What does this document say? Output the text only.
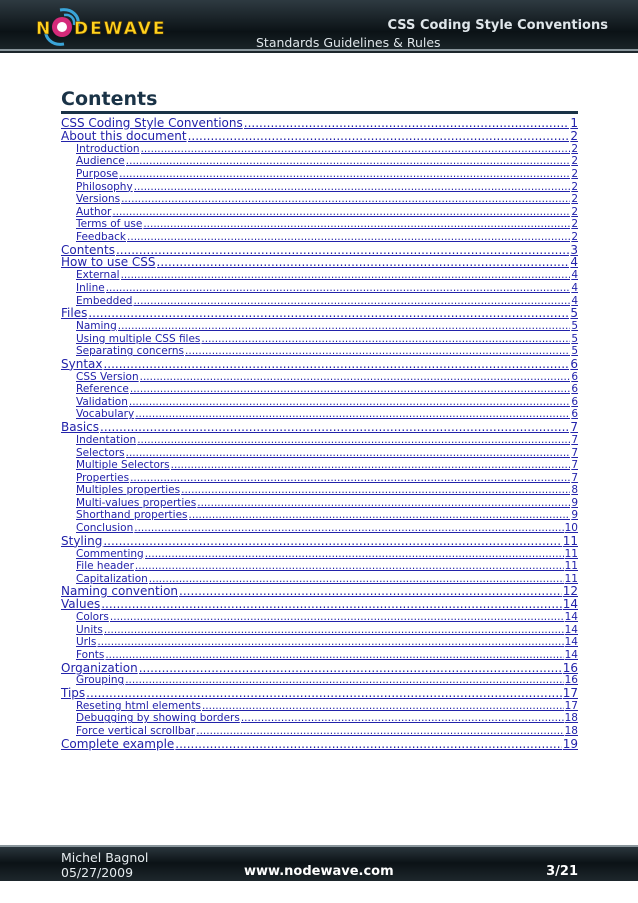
N DEWAVE	CSS Coding Style Conventions
Standards Guidelines & Rules
Contents
CSS Coding Style Conventions .....	1
About this document .....	2
Introduction .....	2
Audience .....	2
Purpose .....	2
Philosophy .....	2
Versions .....	2
Author .....	2
Terms of use .....	2
Feedback .....	2
Contents .....	3
How to use CSS .....	4
External .....	4
Inline .....	4
Embedded .....	4
Files .....	5
Naming .....	5
Using multiple CSS files .....	5
Separating concerns .....	5
Syntax .....	6
CSS Version .....	6
Reference .....	6
Validation .....	6
Vocabulary .....	6
Basics .....	7
Indentation .....	7
Selectors .....	7
Multiple Selectors .....	7
Properties .....	7
Multiples properties .....	8
Multi-values properties .....	9
Shorthand properties .....	9
Conclusion .....	10
Styling .....	11
Commenting .....	11
File header .....	11
Capitalization .....	11
Naming convention .....	12
Values .....	14
Colors .....	14
Units .....	14
Urls .....	14
Fonts .....	14
Organization .....	16
Grouping .....	16
Tips .....	17
Reseting html elements .....	17
Debugging by showing borders .....	18
Force vertical scrollbar .....	18
Complete example .....	19
Michel Bagnol
05/27/2009	www.nodewave.com	3/21
